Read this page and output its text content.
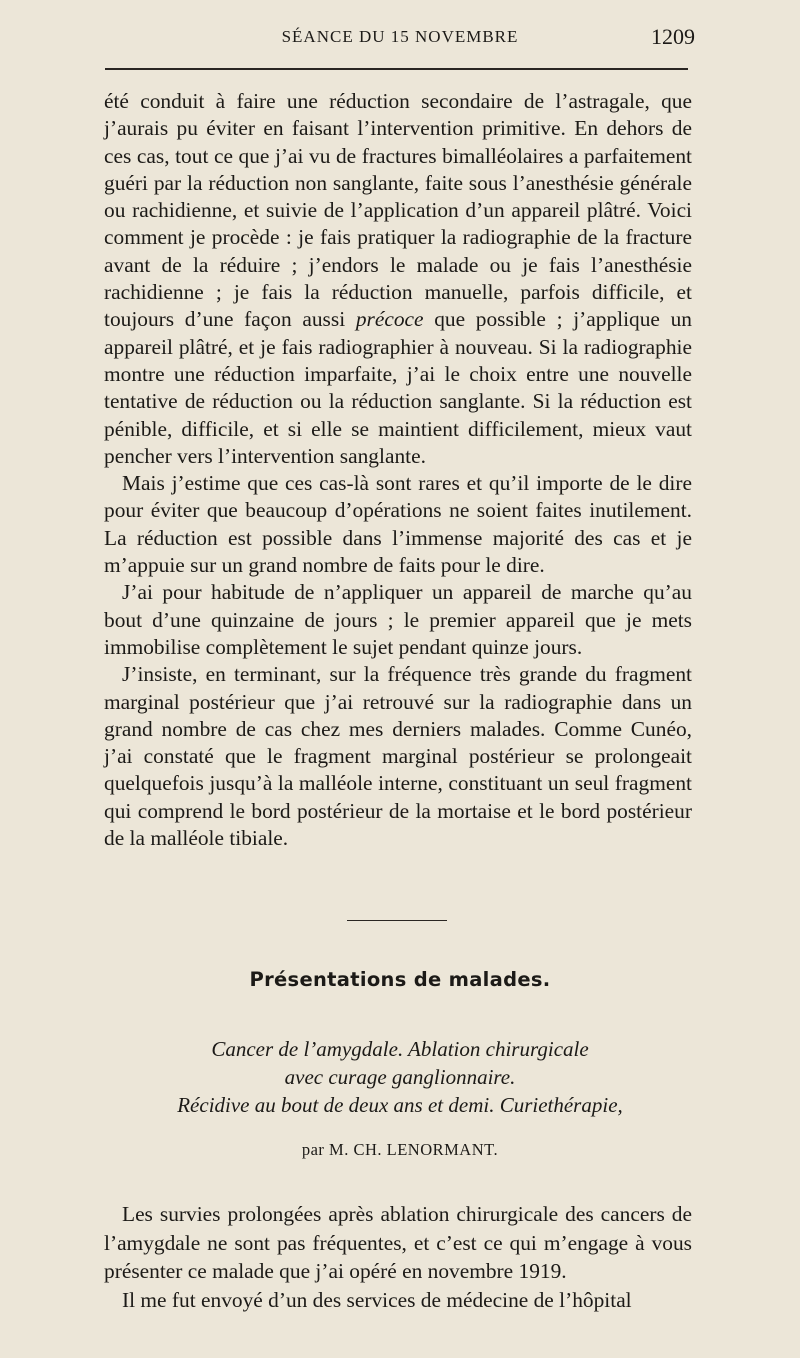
SÉANCE DU 15 NOVEMBRE	1209

été conduit à faire une réduction secondaire de l’astragale, que j’aurais pu éviter en faisant l’intervention primitive. En dehors de ces cas, tout ce que j’ai vu de fractures bimalléolaires a parfaitement guéri par la réduction non sanglante, faite sous l’anesthésie générale ou rachidienne, et suivie de l’application d’un appareil plâtré. Voici comment je procède : je fais pratiquer la radiographie de la fracture avant de la réduire ; j’endors le malade ou je fais l’anesthésie rachidienne ; je fais la réduction manuelle, parfois difficile, et toujours d’une façon aussi précoce que possible ; j’applique un appareil plâtré, et je fais radiographier à nouveau. Si la radiographie montre une réduction imparfaite, j’ai le choix entre une nouvelle tentative de réduction ou la réduction sanglante. Si la réduction est pénible, difficile, et si elle se maintient difficilement, mieux vaut pencher vers l’intervention sanglante.

Mais j’estime que ces cas-là sont rares et qu’il importe de le dire pour éviter que beaucoup d’opérations ne soient faites inutilement. La réduction est possible dans l’immense majorité des cas et je m’appuie sur un grand nombre de faits pour le dire.

J’ai pour habitude de n’appliquer un appareil de marche qu’au bout d’une quinzaine de jours ; le premier appareil que je mets immobilise complètement le sujet pendant quinze jours.

J’insiste, en terminant, sur la fréquence très grande du fragment marginal postérieur que j’ai retrouvé sur la radiographie dans un grand nombre de cas chez mes derniers malades. Comme Cunéo, j’ai constaté que le fragment marginal postérieur se prolongeait quelquefois jusqu’à la malléole interne, constituant un seul fragment qui comprend le bord postérieur de la mortaise et le bord postérieur de la malléole tibiale.

Présentations de malades.
Cancer de l’amygdale. Ablation chirurgicale
avec curage ganglionnaire.
Récidive au bout de deux ans et demi. Curiethérapie,
par M. CH. LENORMANT.

Les survies prolongées après ablation chirurgicale des cancers de l’amygdale ne sont pas fréquentes, et c’est ce qui m’engage à vous présenter ce malade que j’ai opéré en novembre 1919.

Il me fut envoyé d’un des services de médecine de l’hôpital
